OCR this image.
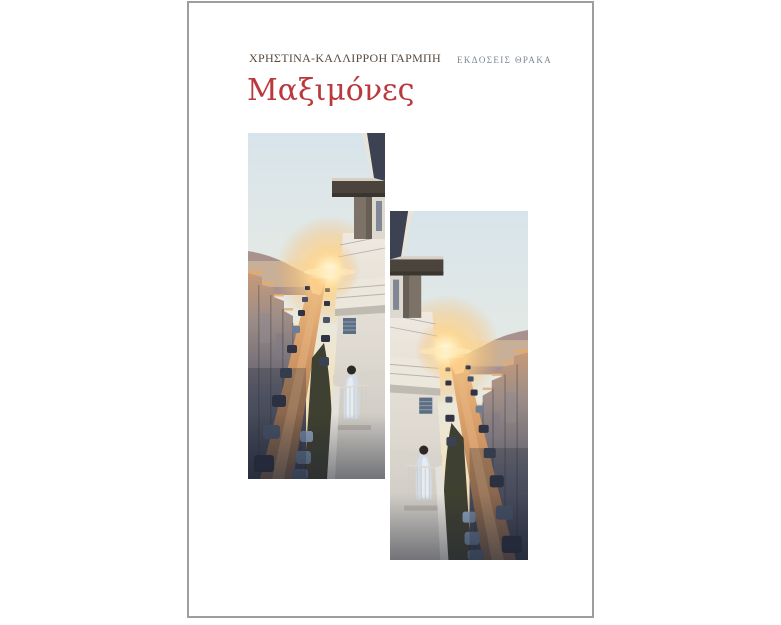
ΧΡΗΣΤΙΝΑ-ΚΑΛΛΙΡΡΟΗ ΓΑΡΜΠΗ ΕΚΔΟΣΕΙΣ ΘΡΑΚΑ
Μαξιμόνες
